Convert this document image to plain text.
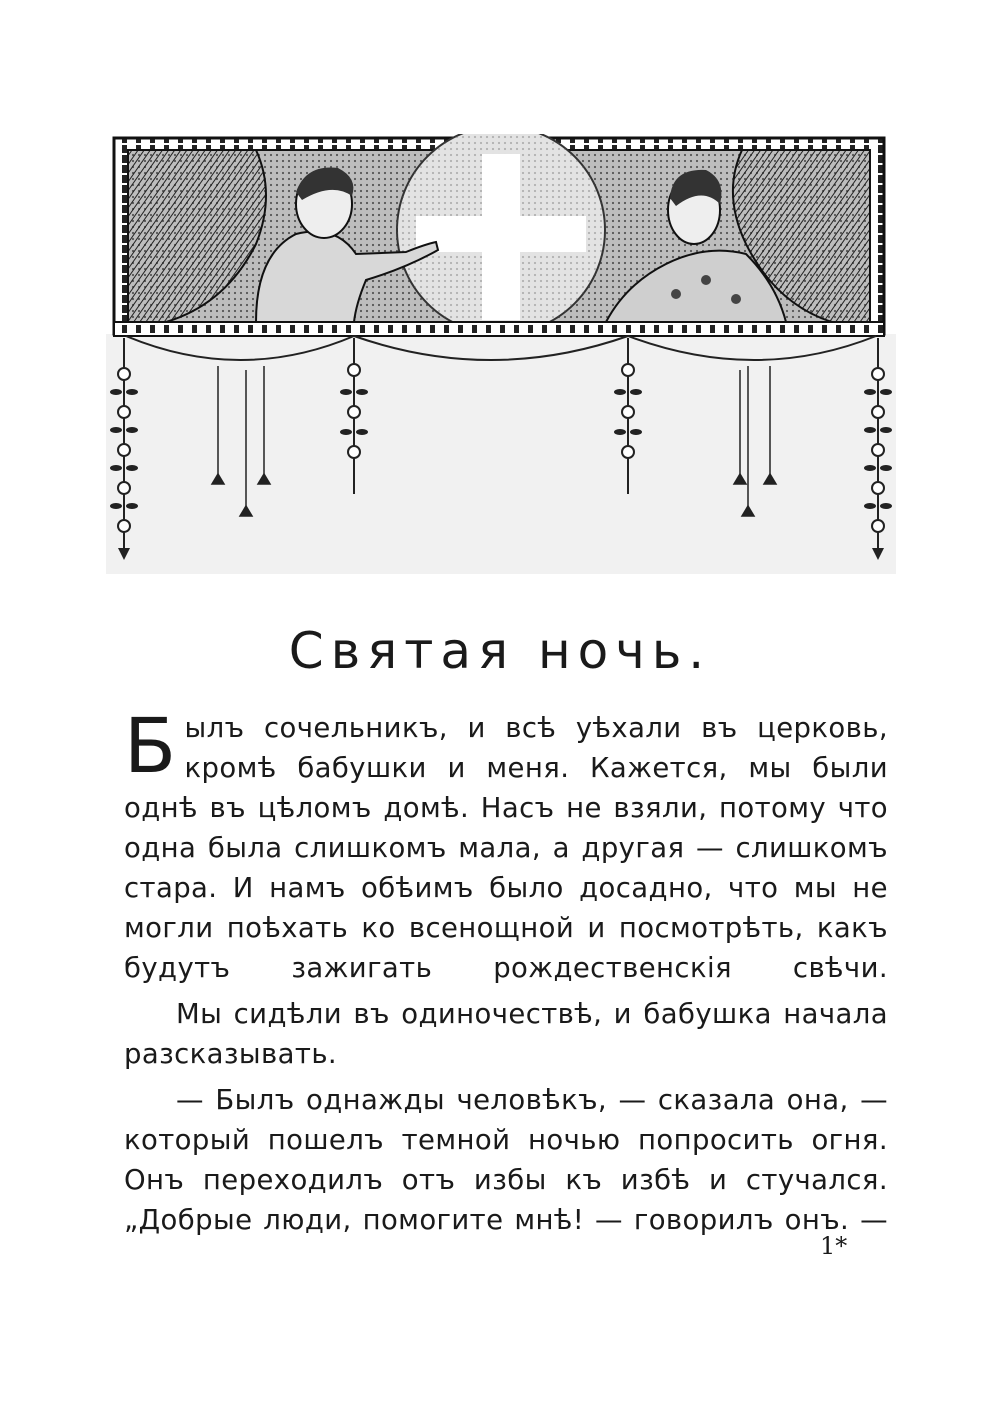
Святая ночь.

Былъ сочельникъ, и всѣ уѣхали въ церковь, кромѣ бабушки и меня. Кажется, мы были однѣ въ цѣломъ домѣ. Насъ не взяли, потому что одна была слишкомъ мала, а другая — слишкомъ стара. И намъ обѣимъ было досадно, что мы не могли поѣхать ко всенощной и посмотрѣть, какъ будутъ зажигать рождественскія свѣчи.

Мы сидѣли въ одиночествѣ, и бабушка начала разсказывать.

— Былъ однажды человѣкъ, — сказала она, — который пошелъ темной ночью попросить огня. Онъ переходилъ отъ избы къ избѣ и стучался. „Добрые люди, помогите мнѣ! — говорилъ онъ. —

1*
